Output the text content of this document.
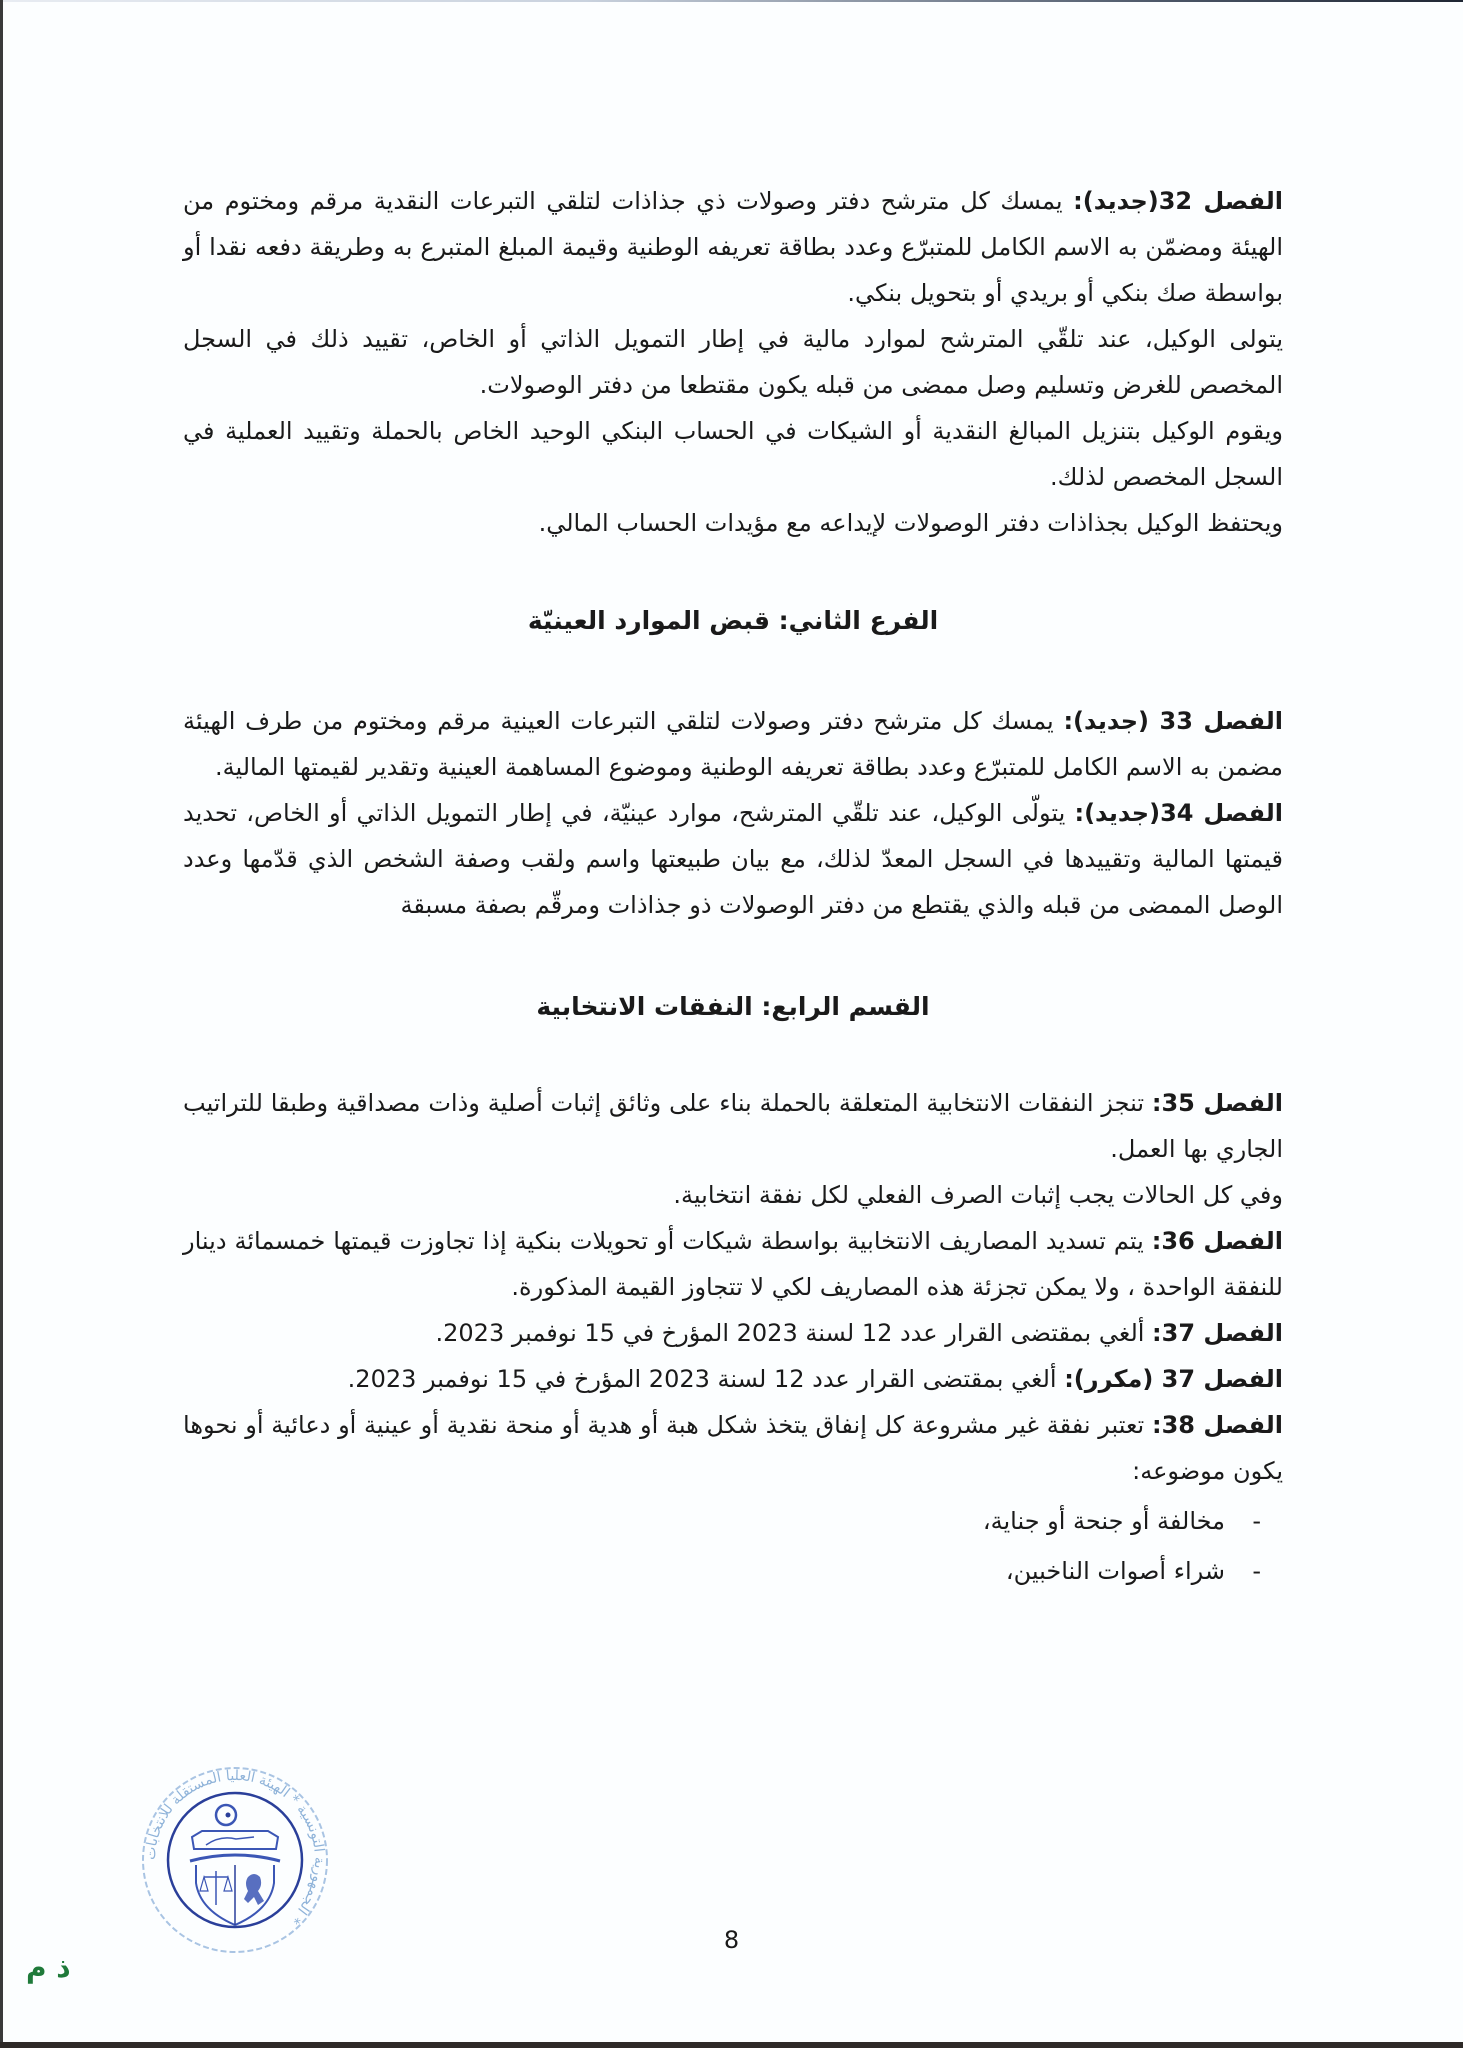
الفصل 32(جديد): يمسك كل مترشح دفتر وصولات ذي جذاذات لتلقي التبرعات النقدية مرقم ومختوم من الهيئة ومضمّن به الاسم الكامل للمتبرّع وعدد بطاقة تعريفه الوطنية وقيمة المبلغ المتبرع به وطريقة دفعه نقدا أو بواسطة صك بنكي أو بريدي أو بتحويل بنكي.

يتولى الوكيل، عند تلقّي المترشح لموارد مالية في إطار التمويل الذاتي أو الخاص، تقييد ذلك في السجل المخصص للغرض وتسليم وصل ممضى من قبله يكون مقتطعا من دفتر الوصولات.

ويقوم الوكيل بتنزيل المبالغ النقدية أو الشيكات في الحساب البنكي الوحيد الخاص بالحملة وتقييد العملية في السجل المخصص لذلك.

ويحتفظ الوكيل بجذاذات دفتر الوصولات لإيداعه مع مؤيدات الحساب المالي.

الفرع الثاني: قبض الموارد العينيّة

الفصل 33 (جديد): يمسك كل مترشح دفتر وصولات لتلقي التبرعات العينية مرقم ومختوم من طرف الهيئة مضمن به الاسم الكامل للمتبرّع وعدد بطاقة تعريفه الوطنية وموضوع المساهمة العينية وتقدير لقيمتها المالية.

الفصل 34(جديد): يتولّى الوكيل، عند تلقّي المترشح، موارد عينيّة، في إطار التمويل الذاتي أو الخاص، تحديد قيمتها المالية وتقييدها في السجل المعدّ لذلك، مع بيان طبيعتها واسم ولقب وصفة الشخص الذي قدّمها وعدد الوصل الممضى من قبله والذي يقتطع من دفتر الوصولات ذو جذاذات ومرقّم بصفة مسبقة

القسم الرابع: النفقات الانتخابية

الفصل 35: تنجز النفقات الانتخابية المتعلقة بالحملة بناء على وثائق إثبات أصلية وذات مصداقية وطبقا للتراتيب الجاري بها العمل.

وفي كل الحالات يجب إثبات الصرف الفعلي لكل نفقة انتخابية.

الفصل 36: يتم تسديد المصاريف الانتخابية بواسطة شيكات أو تحويلات بنكية إذا تجاوزت قيمتها خمسمائة دينار للنفقة الواحدة ، ولا يمكن تجزئة هذه المصاريف لكي لا تتجاوز القيمة المذكورة.

الفصل 37: ألغي بمقتضى القرار عدد 12 لسنة 2023 المؤرخ في 15 نوفمبر 2023.

الفصل 37 (مكرر): ألغي بمقتضى القرار عدد 12 لسنة 2023 المؤرخ في 15 نوفمبر 2023.

الفصل 38: تعتبر نفقة غير مشروعة كل إنفاق يتخذ شكل هبة أو هدية أو منحة نقدية أو عينية أو دعائية أو نحوها يكون موضوعه:

-مخالفة أو جنحة أو جناية،
-شراء أصوات الناخبين،
الجمهورية التونسية * الهيئة العليا المستقلة للانتخابات *
8
ذ م
